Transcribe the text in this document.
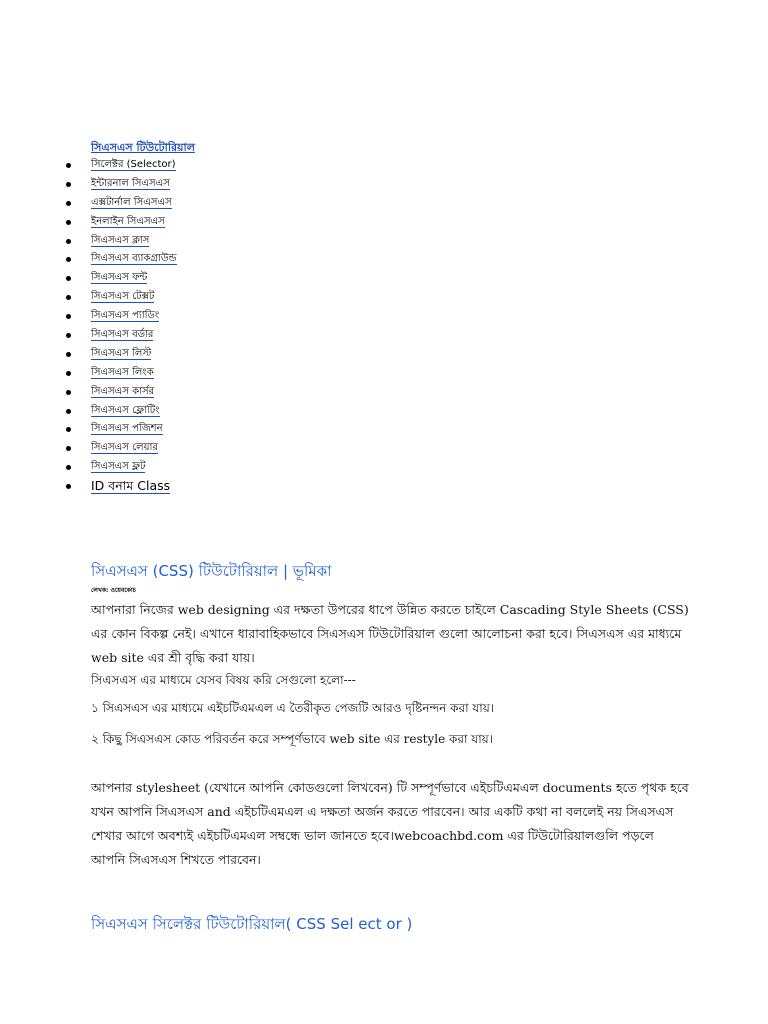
সিএসএস টিউটোরিয়াল
সিলেক্টর (Selector)
ইন্টারনাল সিএসএস
এক্সটার্নাল সিএসএস
ইনলাইন সিএসএস
সিএসএস ক্লাস
সিএসএস ব্যাকগ্রাউন্ড
সিএসএস ফন্ট
সিএসএস টেক্সট
সিএসএস প্যাডিং
সিএসএস বর্ডার
সিএসএস লিস্ট
সিএসএস লিংক
সিএসএস কার্সর
সিএসএস ফ্লোটিং
সিএসএস পজিশন
সিএসএস লেয়ার
সিএসএস ফ্লট
ID বনাম Class
সিএসএস (CSS) টিউটোরিয়াল | ভূমিকা
লেখক: ওয়েবকোচ
আপনারা নিজের web designing এর দক্ষতা উপরের ধাপে উন্নিত করতে চাইলে Cascading Style Sheets (CSS) এর কোন বিকল্প নেই। এখানে ধারাবাহিকভাবে সিএসএস টিউটোরিয়াল গুলো আলোচনা করা হবে। সিএসএস এর মাধ্যমে web site এর শ্রী বৃদ্ধি করা যায়।
সিএসএস এর মাধ্যমে যেসব বিষয় করি সেগুলো হলো---
১ সিএসএস এর মাধ্যমে এইচটিএমএল এ তৈরীকৃত পেজটি আরও দৃষ্টিনন্দন করা যায়।
২ কিছু সিএসএস কোড পরিবর্তন করে সম্পূর্ণভাবে web site এর restyle করা যায়।
আপনার stylesheet (যেখানে আপনি কোডগুলো লিখবেন) টি সম্পূর্ণভাবে এইচটিএমএল documents হতে পৃথক হবে যখন আপনি সিএসএস and এইচটিএমএল এ দক্ষতা অর্জন করতে পারবেন। আর একটি কথা না বললেই নয় সিএসএস শেখার আগে অবশ্যই এইচটিএমএল সম্বন্ধে ভাল জানতে হবে।webcoachbd.com এর টিউটোরিয়ালগুলি পড়লে আপনি সিএসএস শিখতে পারবেন।
সিএসএস সিলেক্টর টিউটোরিয়াল( CSS Sel ect or )
